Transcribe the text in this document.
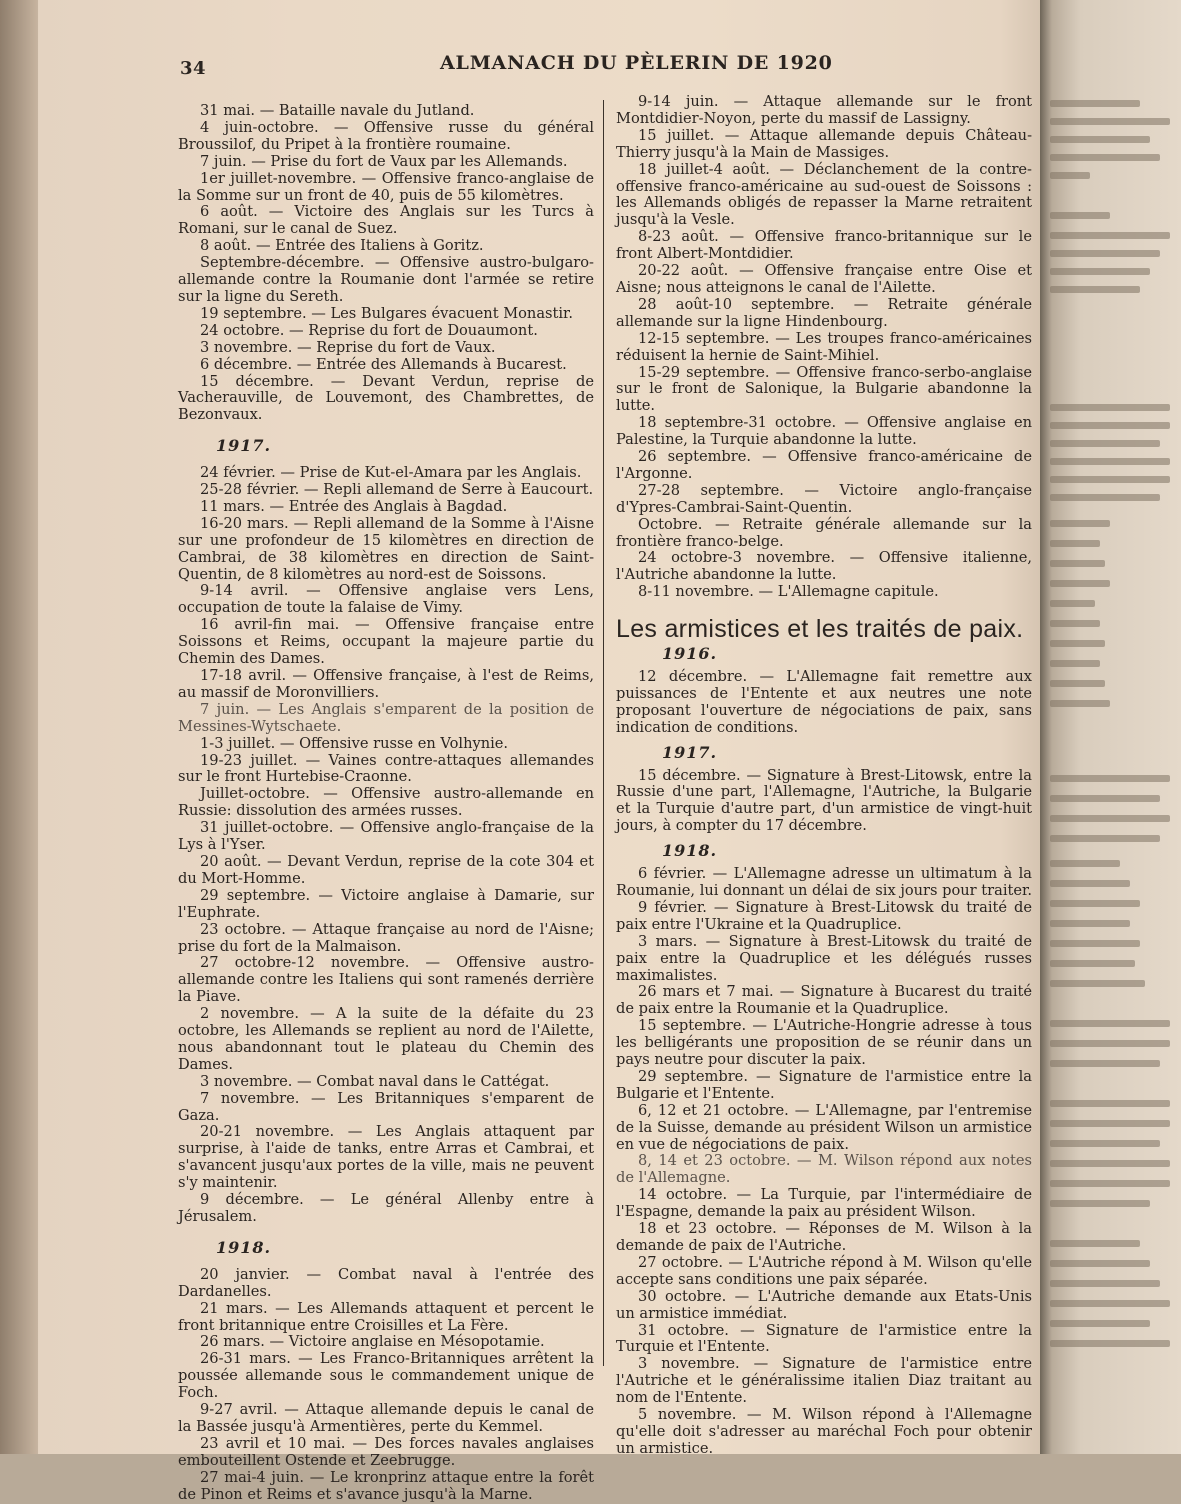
34	ALMANACH DU PÈLERIN DE 1920

31 mai. — Bataille navale du Jutland.

4 juin-octobre. — Offensive russe du général Broussilof, du Pripet à la frontière roumaine.

7 juin. — Prise du fort de Vaux par les Allemands.

1er juillet-novembre. — Offensive franco-anglaise de la Somme sur un front de 40, puis de 55 kilomètres.

6 août. — Victoire des Anglais sur les Turcs à Romani, sur le canal de Suez.

8 août. — Entrée des Italiens à Goritz.

Septembre-décembre. — Offensive austro-bulgaro-allemande contre la Roumanie dont l'armée se retire sur la ligne du Sereth.

19 septembre. — Les Bulgares évacuent Monastir.

24 octobre. — Reprise du fort de Douaumont.

3 novembre. — Reprise du fort de Vaux.

6 décembre. — Entrée des Allemands à Bucarest.

15 décembre. — Devant Verdun, reprise de Vacherauville, de Louvemont, des Chambrettes, de Bezonvaux.

1917.

24 février. — Prise de Kut-el-Amara par les Anglais.

25-28 février. — Repli allemand de Serre à Eaucourt.

11 mars. — Entrée des Anglais à Bagdad.

16-20 mars. — Repli allemand de la Somme à l'Aisne sur une profondeur de 15 kilomètres en direction de Cambrai, de 38 kilomètres en direction de Saint-Quentin, de 8 kilomètres au nord-est de Soissons.

9-14 avril. — Offensive anglaise vers Lens, occupation de toute la falaise de Vimy.

16 avril-fin mai. — Offensive française entre Soissons et Reims, occupant la majeure partie du Chemin des Dames.

17-18 avril. — Offensive française, à l'est de Reims, au massif de Moronvilliers.

7 juin. — Les Anglais s'emparent de la position de Messines-Wytschaete.

1-3 juillet. — Offensive russe en Volhynie.

19-23 juillet. — Vaines contre-attaques allemandes sur le front Hurtebise-Craonne.

Juillet-octobre. — Offensive austro-allemande en Russie: dissolution des armées russes.

31 juillet-octobre. — Offensive anglo-française de la Lys à l'Yser.

20 août. — Devant Verdun, reprise de la cote 304 et du Mort-Homme.

29 septembre. — Victoire anglaise à Damarie, sur l'Euphrate.

23 octobre. — Attaque française au nord de l'Aisne; prise du fort de la Malmaison.

27 octobre-12 novembre. — Offensive austro-allemande contre les Italiens qui sont ramenés derrière la Piave.

2 novembre. — A la suite de la défaite du 23 octobre, les Allemands se replient au nord de l'Ailette, nous abandonnant tout le plateau du Chemin des Dames.

3 novembre. — Combat naval dans le Cattégat.

7 novembre. — Les Britanniques s'emparent de Gaza.

20-21 novembre. — Les Anglais attaquent par surprise, à l'aide de tanks, entre Arras et Cambrai, et s'avancent jusqu'aux portes de la ville, mais ne peuvent s'y maintenir.

9 décembre. — Le général Allenby entre à Jérusalem.

1918.

20 janvier. — Combat naval à l'entrée des Dardanelles.

21 mars. — Les Allemands attaquent et percent le front britannique entre Croisilles et La Fère.

26 mars. — Victoire anglaise en Mésopotamie.

26-31 mars. — Les Franco-Britanniques arrêtent la poussée allemande sous le commandement unique de Foch.

9-27 avril. — Attaque allemande depuis le canal de la Bassée jusqu'à Armentières, perte du Kemmel.

23 avril et 10 mai. — Des forces navales anglaises embouteillent Ostende et Zeebrugge.

27 mai-4 juin. — Le kronprinz attaque entre la forêt de Pinon et Reims et s'avance jusqu'à la Marne.

9-14 juin. — Attaque allemande sur le front Montdidier-Noyon, perte du massif de Lassigny.

15 juillet. — Attaque allemande depuis Château-Thierry jusqu'à la Main de Massiges.

18 juillet-4 août. — Déclanchement de la contre-offensive franco-américaine au sud-ouest de Soissons : les Allemands obligés de repasser la Marne retraitent jusqu'à la Vesle.

8-23 août. — Offensive franco-britannique sur le front Albert-Montdidier.

20-22 août. — Offensive française entre Oise et Aisne; nous atteignons le canal de l'Ailette.

28 août-10 septembre. — Retraite générale allemande sur la ligne Hindenbourg.

12-15 septembre. — Les troupes franco-américaines réduisent la hernie de Saint-Mihiel.

15-29 septembre. — Offensive franco-serbo-anglaise sur le front de Salonique, la Bulgarie abandonne la lutte.

18 septembre-31 octobre. — Offensive anglaise en Palestine, la Turquie abandonne la lutte.

26 septembre. — Offensive franco-américaine de l'Argonne.

27-28 septembre. — Victoire anglo-française d'Ypres-Cambrai-Saint-Quentin.

Octobre. — Retraite générale allemande sur la frontière franco-belge.

24 octobre-3 novembre. — Offensive italienne, l'Autriche abandonne la lutte.

8-11 novembre. — L'Allemagne capitule.

Les armistices et les traités de paix.
1916.

12 décembre. — L'Allemagne fait remettre aux puissances de l'Entente et aux neutres une note proposant l'ouverture de négociations de paix, sans indication de conditions.

1917.

15 décembre. — Signature à Brest-Litowsk, entre la Russie d'une part, l'Allemagne, l'Autriche, la Bulgarie et la Turquie d'autre part, d'un armistice de vingt-huit jours, à compter du 17 décembre.

1918.

6 février. — L'Allemagne adresse un ultimatum à la Roumanie, lui donnant un délai de six jours pour traiter.

9 février. — Signature à Brest-Litowsk du traité de paix entre l'Ukraine et la Quadruplice.

3 mars. — Signature à Brest-Litowsk du traité de paix entre la Quadruplice et les délégués russes maximalistes.

26 mars et 7 mai. — Signature à Bucarest du traité de paix entre la Roumanie et la Quadruplice.

15 septembre. — L'Autriche-Hongrie adresse à tous les belligérants une proposition de se réunir dans un pays neutre pour discuter la paix.

29 septembre. — Signature de l'armistice entre la Bulgarie et l'Entente.

6, 12 et 21 octobre. — L'Allemagne, par l'entremise de la Suisse, demande au président Wilson un armistice en vue de négociations de paix.

8, 14 et 23 octobre. — M. Wilson répond aux notes de l'Allemagne.

14 octobre. — La Turquie, par l'intermédiaire de l'Espagne, demande la paix au président Wilson.

18 et 23 octobre. — Réponses de M. Wilson à la demande de paix de l'Autriche.

27 octobre. — L'Autriche répond à M. Wilson qu'elle accepte sans conditions une paix séparée.

30 octobre. — L'Autriche demande aux Etats-Unis un armistice immédiat.

31 octobre. — Signature de l'armistice entre la Turquie et l'Entente.

3 novembre. — Signature de l'armistice entre l'Autriche et le généralissime italien Diaz traitant au nom de l'Entente.

5 novembre. — M. Wilson répond à l'Allemagne qu'elle doit s'adresser au maréchal Foch pour obtenir un armistice.
